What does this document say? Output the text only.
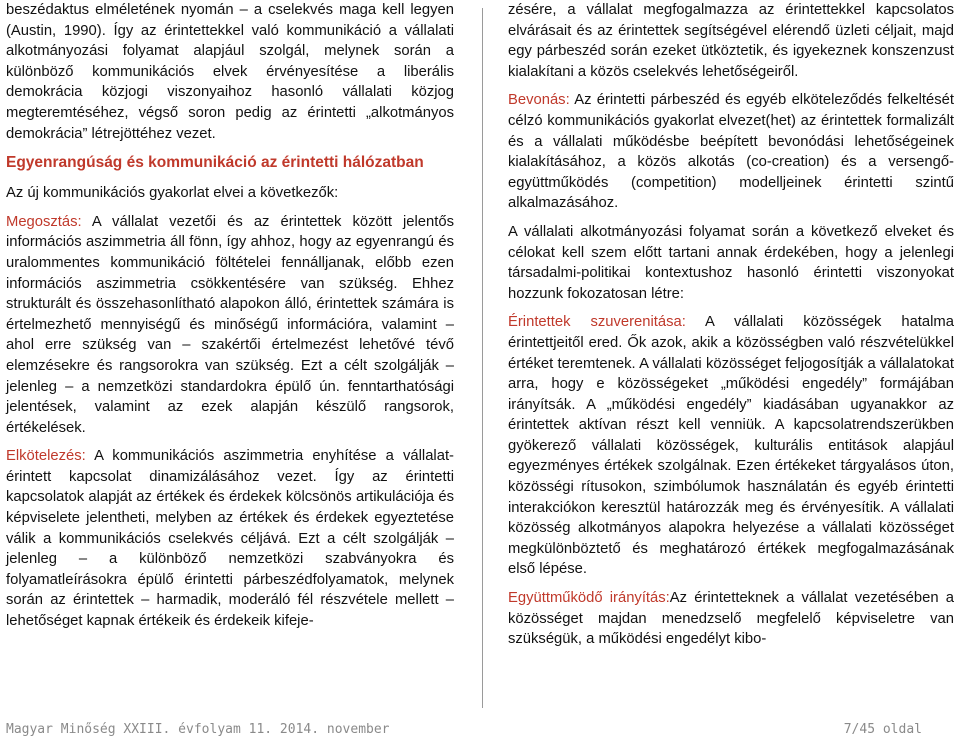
beszédaktus elméletének nyomán – a cselekvés maga kell legyen (Austin, 1990). Így az érintettekkel való kommunikáció a vállalati alkotmányozási folyamat alapjául szolgál, melynek során a különböző kommunikációs elvek érvényesítése a liberális demokrácia közjogi viszonyaihoz hasonló vállalati közjog megteremtéséhez, végső soron pedig az érintetti „alkotmányos demokrácia” létrejöttéhez vezet.

Egyenrangúság és kommunikáció az érintetti hálózatban

Az új kommunikációs gyakorlat elvei a következők:

Megosztás: A vállalat vezetői és az érintettek között jelentős információs aszimmetria áll fönn, így ahhoz, hogy az egyenrangú és uralommentes kommunikáció föltételei fennálljanak, előbb ezen információs aszimmetria csökkentésére van szükség. Ehhez strukturált és összehasonlítható alapokon álló, érintettek számára is értelmezhető mennyiségű és minőségű információra, valamint – ahol erre szükség van – szakértői értelmezést lehetővé tévő elemzésekre és rangsorokra van szükség. Ezt a célt szolgálják – jelenleg – a nemzetközi standardokra épülő ún. fenntarthatósági jelentések, valamint az ezek alapján készülő rangsorok, értékelések.

Elkötelezés: A kommunikációs aszimmetria enyhítése a vállalat-érintett kapcsolat dinamizálásához vezet. Így az érintetti kapcsolatok alapját az értékek és érdekek kölcsönös artikulációja és képviselete jelentheti, melyben az értékek és érdekek egyeztetése válik a kommunikációs cselekvés céljává. Ezt a célt szolgálják – jelenleg – a különböző nemzetközi szabványokra és folyamatleírásokra épülő érintetti párbeszédfolyamatok, melynek során az érintettek – harmadik, moderáló fél részvétele mellett – lehetőséget kapnak értékeik és érdekeik kifeje-

zésére, a vállalat megfogalmazza az érintettekkel kapcsolatos elvárásait és az érintettek segítségével elérendő üzleti céljait, majd egy párbeszéd során ezeket ütköztetik, és igyekeznek konszenzust kialakítani a közös cselekvés lehetőségeiről.

Bevonás: Az érintetti párbeszéd és egyéb elköteleződés felkeltését célzó kommunikációs gyakorlat elvezet(het) az érintettek formalizált és a vállalati működésbe beépített bevonódási lehetőségeinek kialakításához, a közös alkotás (co-creation) és a versengő-együttműködés (competition) modelljeinek érintetti szintű alkalmazásához.

A vállalati alkotmányozási folyamat során a következő elveket és célokat kell szem előtt tartani annak érdekében, hogy a jelenlegi társadalmi-politikai kontextushoz hasonló érintetti viszonyokat hozzunk fokozatosan létre:

Érintettek szuverenitása: A vállalati közösségek hatalma érintettjeitől ered. Ők azok, akik a közösségben való részvételükkel értéket teremtenek. A vállalati közösséget feljogosítják a vállalatokat arra, hogy e közösségeket „működési engedély” formájában irányítsák. A „működési engedély” kiadásában ugyanakkor az érintettek aktívan részt kell venniük. A kapcsolatrendszerükben gyökerező vállalati közösségek, kulturális entitások alapjául egyezményes értékek szolgálnak. Ezen értékeket tárgyalásos úton, közösségi rítusokon, szimbólumok használatán és egyéb érintetti interakciókon keresztül határozzák meg és érvényesítik. A vállalati közösség alkotmányos alapokra helyezése a vállalati közösséget megkülönböztető és meghatározó értékek megfogalmazásának első lépése.

Együttműködő irányítás:Az érintetteknek a vállalat vezetésében a közösséget majdan menedzselő megfelelő képviseletre van szükségük, a működési engedélyt kibo-

Magyar Minőség XXIII. évfolyam 11. 2014. november	7/45 oldal
